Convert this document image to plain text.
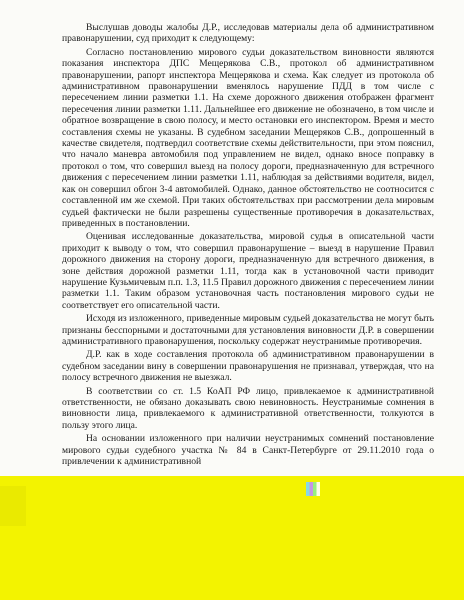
Выслушав доводы жалобы Д.Р., исследовав материалы дела об административном правонарушении, суд приходит к следующему:

Согласно постановлению мирового судьи доказательством виновности являются показания инспектора ДПС Мещерякова С.В., протокол об административном правонарушении, рапорт инспектора Мещерякова и схема. Как следует из протокола об административном правонарушении вменялось нарушение ПДД в том числе с пересечением линии разметки 1.1. На схеме дорожного движения отображен фрагмент пересечения линии разметки 1.11. Дальнейшее его движение не обозначено, в том числе и обратное возвращение в свою полосу, и место остановки его инспектором. Время и место составления схемы не указаны. В судебном заседании Мещеряков С.В., допрошенный в качестве свидетеля, подтвердил соответствие схемы действительности, при этом пояснил, что начало маневра автомобиля под управлением не видел, однако вносе поправку в протокол о том, что совершил выезд на полосу дороги, предназначенную для встречного движения с пересечением линии разметки 1.11, наблюдая за действиями водителя, видел, как он совершил обгон 3-4 автомобилей. Однако, данное обстоятельство не соотносится с составленной им же схемой. При таких обстоятельствах при рассмотрении дела мировым судьей фактически не были разрешены существенные противоречия в доказательствах, приведенных в постановлении.

Оценивая исследованные доказательства, мировой судья в описательной части приходит к выводу о том, что совершил правонарушение – выезд в нарушение Правил дорожного движения на сторону дороги, предназначенную для встречного движения, в зоне действия дорожной разметки 1.11, тогда как в установочной части приводит нарушение Кузьмичевым п.п. 1.3, 11.5 Правил дорожного движения с пересечением линии разметки 1.1. Таким образом установочная часть постановления мирового судьи не соответствует его описательной части.

Исходя из изложенного, приведенные мировым судьей доказательства не могут быть признаны бесспорными и достаточными для установления виновности Д.Р. в совершении административного правонарушения, поскольку содержат неустранимые противоречия.

Д.Р. как в ходе составления протокола об административном правонарушении в судебном заседании вину в совершении правонарушения не признавал, утверждая, что на полосу встречного движения не выезжал.

В соответствии со ст. 1.5 КоАП РФ лицо, привлекаемое к административной ответственности, не обязано доказывать свою невиновность. Неустранимые сомнения в виновности лица, привлекаемого к административной ответственности, толкуются в пользу этого лица.

На основании изложенного при наличии неустранимых сомнений постановление мирового судьи судебного участка № 84 в Санкт-Петербурге от 29.11.2010 года о привлечении к административной
